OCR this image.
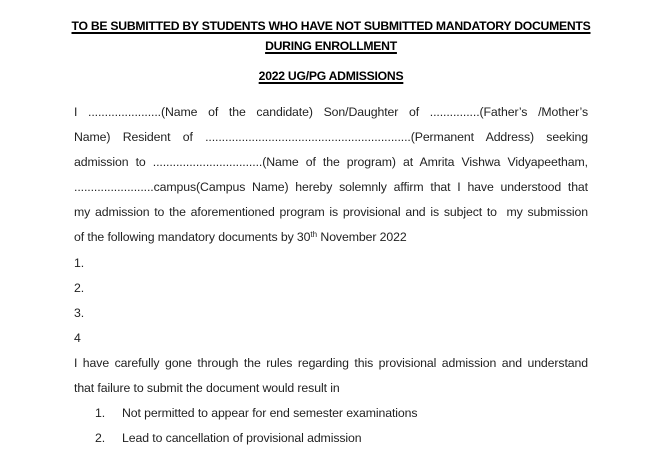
TO BE SUBMITTED BY STUDENTS WHO HAVE NOT SUBMITTED MANDATORY DOCUMENTS
DURING ENROLLMENT
2022 UG/PG ADMISSIONS
I ......................(Name of the candidate) Son/Daughter of ...............(Father’s /Mother’s
Name) Resident of ..............................................................(Permanent Address) seeking
admission to .................................(Name of the program) at Amrita Vishwa Vidyapeetham,
........................campus(Campus Name) hereby solemnly affirm that I have understood that
my admission to the aforementioned program is provisional and is subject to  my submission
of the following mandatory documents by 30th November 2022
1.
2.
3.
4
I have carefully gone through the rules regarding this provisional admission and understand
that failure to submit the document would result in
1. Not permitted to appear for end semester examinations
2. Lead to cancellation of provisional admission
